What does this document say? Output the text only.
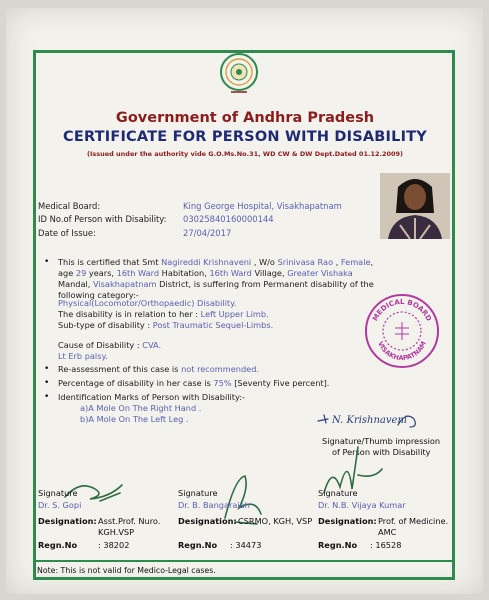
Government of Andhra Pradesh
CERTIFICATE FOR PERSON WITH DISABILITY
(Issued under the authority vide G.O.Ms.No.31, WD CW & DW Dept.Dated 01.12.2009)
Medical Board:	King George Hospital, Visakhapatnam
ID No.of Person with Disability: 03025840160000144
Date of Issue:	27/04/2017
• This is certified that Smt Nagireddi Krishnaveni , W/o Srinivasa Rao , Female, age 29 years, 16th Ward Habitation, 16th Ward Village, Greater Vishaka Mandal, Visakhapatnam District, is suffering from Permanent disability of the following category:-
Physical(Locomotor/Orthopaedic) Disability.
The disability is in relation to her : Left Upper Limb.
Sub-type of disability : Post Traumatic Sequel-Limbs.
Cause of Disability : CVA.
Lt Erb palsy.
• Re-assessment of this case is not recommended.
• Percentage of disability in her case is 75% [Seventy Five percent].
• Identification Marks of Person with Disability:-
a)A Mole On The Right Hand .
b)A Mole On The Left Leg .
MEDICAL BOARD
VISAKHAPATNAM
N. Krishnaveni
Signature/Thumb impression
of Person with Disability
Signature
Dr. S. Gopi
Designation: Asst.Prof. Nuro. KGH.VSP
Regn.No	: 38202
Signature
Dr. B. Bangaraiah
Designation: CSRMO, KGH, VSP
Regn.No : 34473
Signature
Dr. N.B. Vijaya Kumar
Designation: Prof. of Medicine. AMC
Regn.No : 16528
Note: This is not valid for Medico-Legal cases.
